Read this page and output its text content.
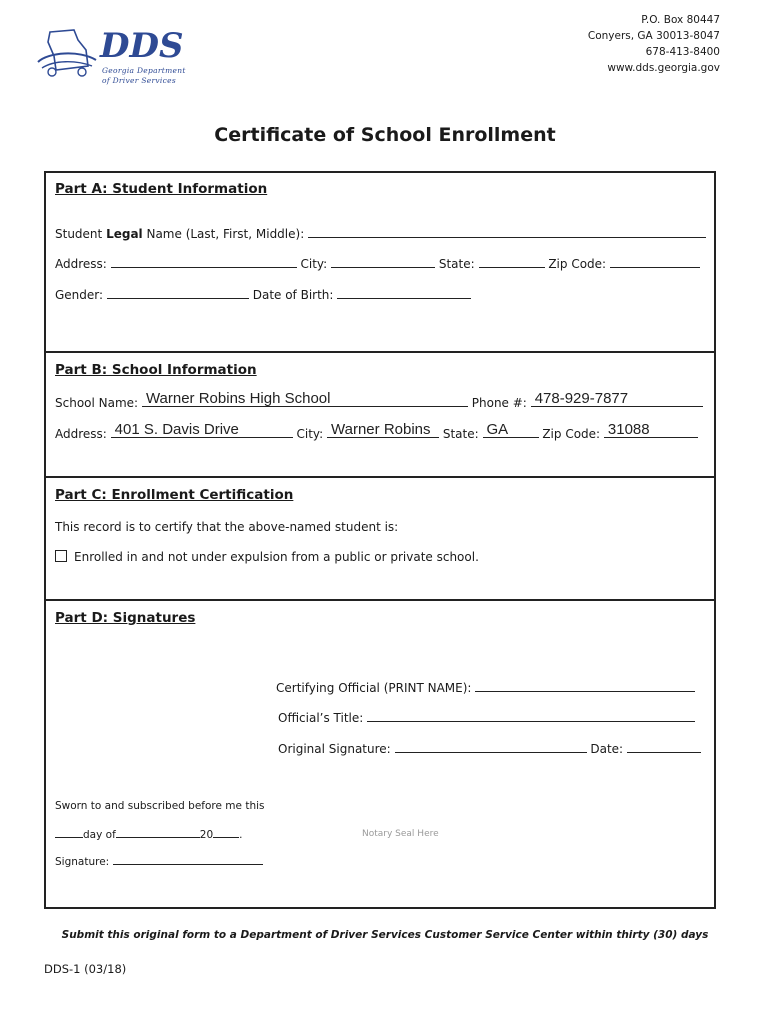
P.O. Box 80447
Conyers, GA 30013-8047
678-413-8400
www.dds.georgia.gov
DDS
Georgia Department
of Driver Services
Certificate of School Enrollment
Part A: Student Information
Student Legal Name (Last, First, Middle):
Address:	City:	State:	Zip Code:
Gender:	Date of Birth:
Part B: School Information
School Name: Warner Robins High School	Phone #: 478-929-7877
Address: 401 S. Davis Drive	City: Warner Robins State: GA	Zip Code: 31088
Part C: Enrollment Certification
This record is to certify that the above-named student is:
Enrolled in and not under expulsion from a public or private school.
Part D: Signatures
Certifying Official (PRINT NAME):
Official’s Title:
Original Signature:	Date:
Sworn to and subscribed before me this
day of	20 .	Notary Seal Here
Signature:
Submit this original form to a Department of Driver Services Customer Service Center within thirty (30) days
DDS-1 (03/18)
